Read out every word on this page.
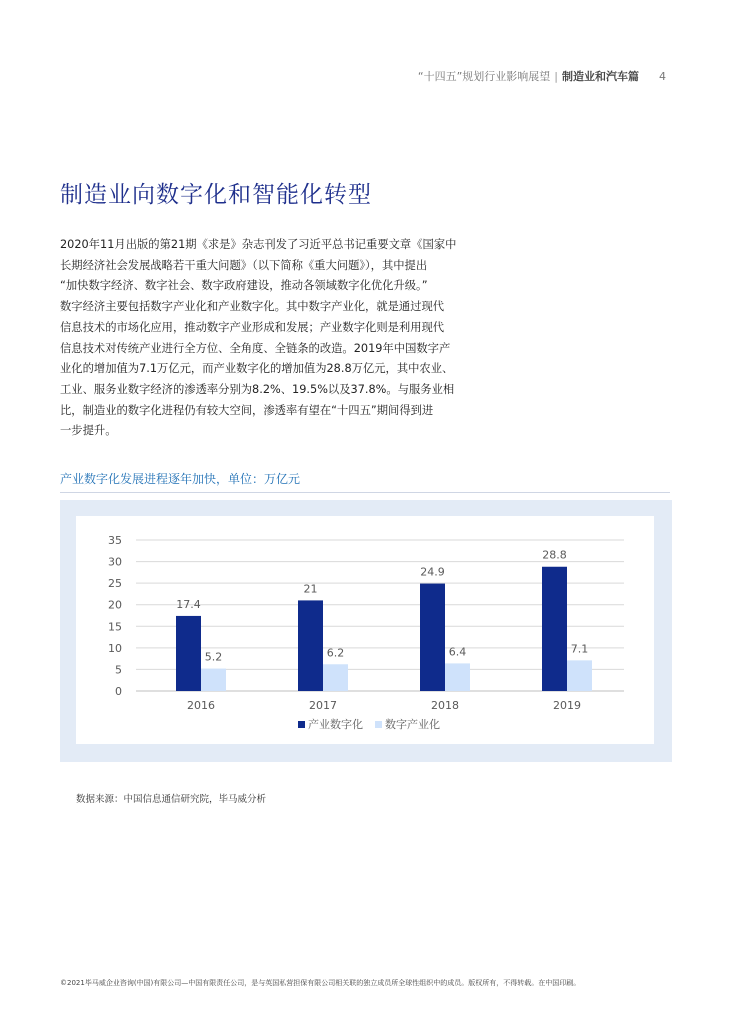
“十四五”规划行业影响展望 | 制造业和汽车篇 4
制造业向数字化和智能化转型
2020年11月出版的第21期《求是》杂志刊发了习近平总书记重要文章《国家中
长期经济社会发展战略若干重大问题》（以下简称《重大问题》），其中提出
“加快数字经济、数字社会、数字政府建设，推动各领域数字化优化升级。”
数字经济主要包括数字产业化和产业数字化。其中数字产业化，就是通过现代
信息技术的市场化应用，推动数字产业形成和发展；产业数字化则是利用现代
信息技术对传统产业进行全方位、全角度、全链条的改造。2019年中国数字产
业化的增加值为7.1万亿元，而产业数字化的增加值为28.8万亿元，其中农业、
工业、服务业数字经济的渗透率分别为8.2%、19.5%以及37.8%。与服务业相
比，制造业的数字化进程仍有较大空间，渗透率有望在“十四五”期间得到进
一步提升。
产业数字化发展进程逐年加快，单位：万亿元
0
5
10
15
20
25
30
35
17.4
5.2
2016
21
6.2
2017
24.9
6.4
2018
28.8
7.1
2019
产业数字化 数字产业化
数据来源：中国信息通信研究院，毕马威分析
©2021毕马威企业咨询(中国)有限公司—中国有限责任公司，是与英国私营担保有限公司相关联的独立成员所全球性组织中的成员。版权所有，不得转载。在中国印刷。
